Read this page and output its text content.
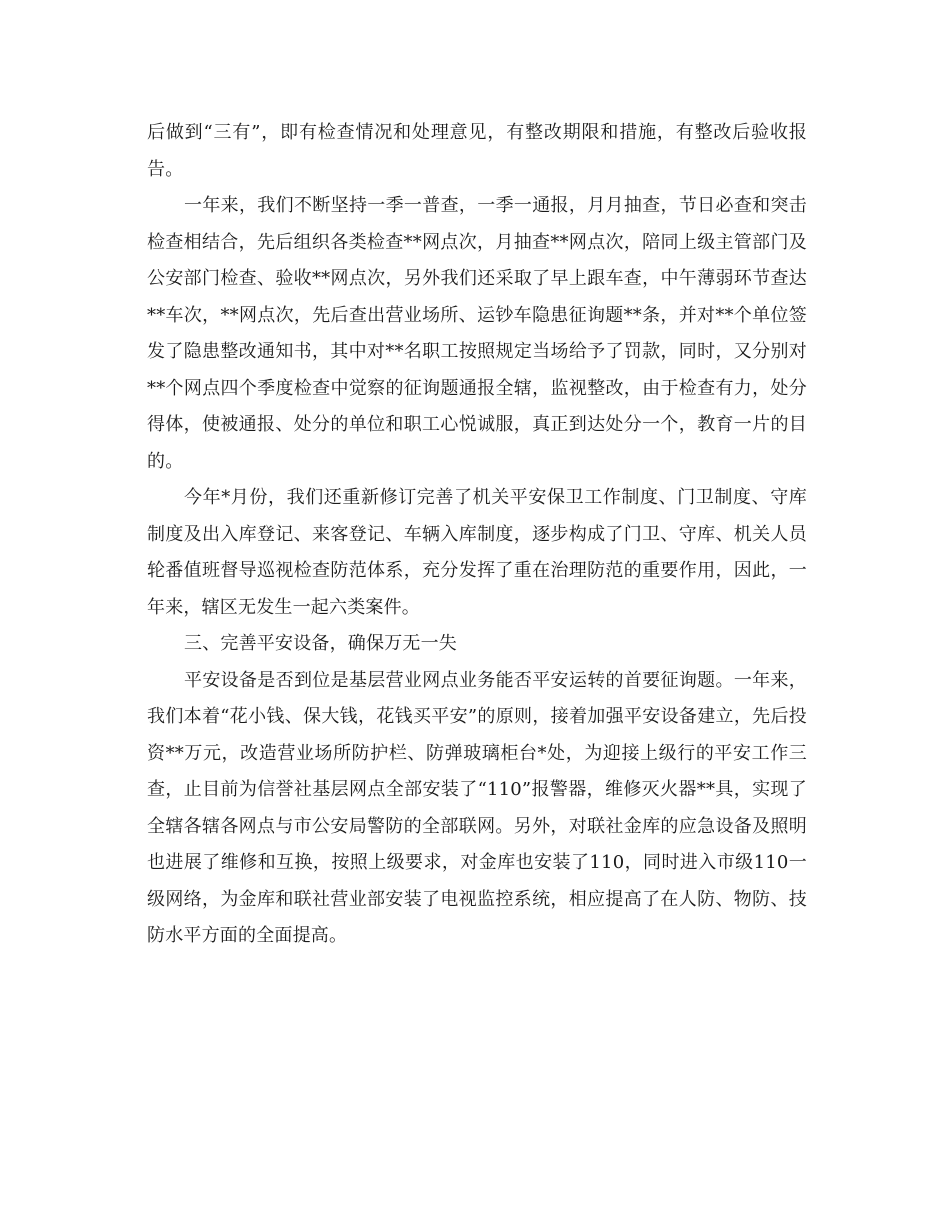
后做到“三有”，即有检查情况和处理意见，有整改期限和措施，有整改后验收报告。

一年来，我们不断坚持一季一普查，一季一通报，月月抽查，节日必查和突击检查相结合，先后组织各类检查**网点次，月抽查**网点次，陪同上级主管部门及公安部门检查、验收**网点次，另外我们还采取了早上跟车查，中午薄弱环节查达**车次，**网点次，先后查出营业场所、运钞车隐患征询题**条，并对**个单位签发了隐患整改通知书，其中对**名职工按照规定当场给予了罚款，同时，又分别对**个网点四个季度检查中觉察的征询题通报全辖，监视整改，由于检查有力，处分得体，使被通报、处分的单位和职工心悦诚服，真正到达处分一个，教育一片的目的。

今年*月份，我们还重新修订完善了机关平安保卫工作制度、门卫制度、守库制度及出入库登记、来客登记、车辆入库制度，逐步构成了门卫、守库、机关人员轮番值班督导巡视检查防范体系，充分发挥了重在治理防范的重要作用，因此，一年来，辖区无发生一起六类案件。

三、完善平安设备，确保万无一失

平安设备是否到位是基层营业网点业务能否平安运转的首要征询题。一年来，我们本着“花小钱、保大钱，花钱买平安”的原则，接着加强平安设备建立，先后投资**万元，改造营业场所防护栏、防弹玻璃柜台*处，为迎接上级行的平安工作三查，止目前为信誉社基层网点全部安装了“110”报警器，维修灭火器**具，实现了全辖各辖各网点与市公安局警防的全部联网。另外，对联社金库的应急设备及照明也进展了维修和互换，按照上级要求，对金库也安装了110，同时进入市级110一级网络，为金库和联社营业部安装了电视监控系统，相应提高了在人防、物防、技防水平方面的全面提高。
